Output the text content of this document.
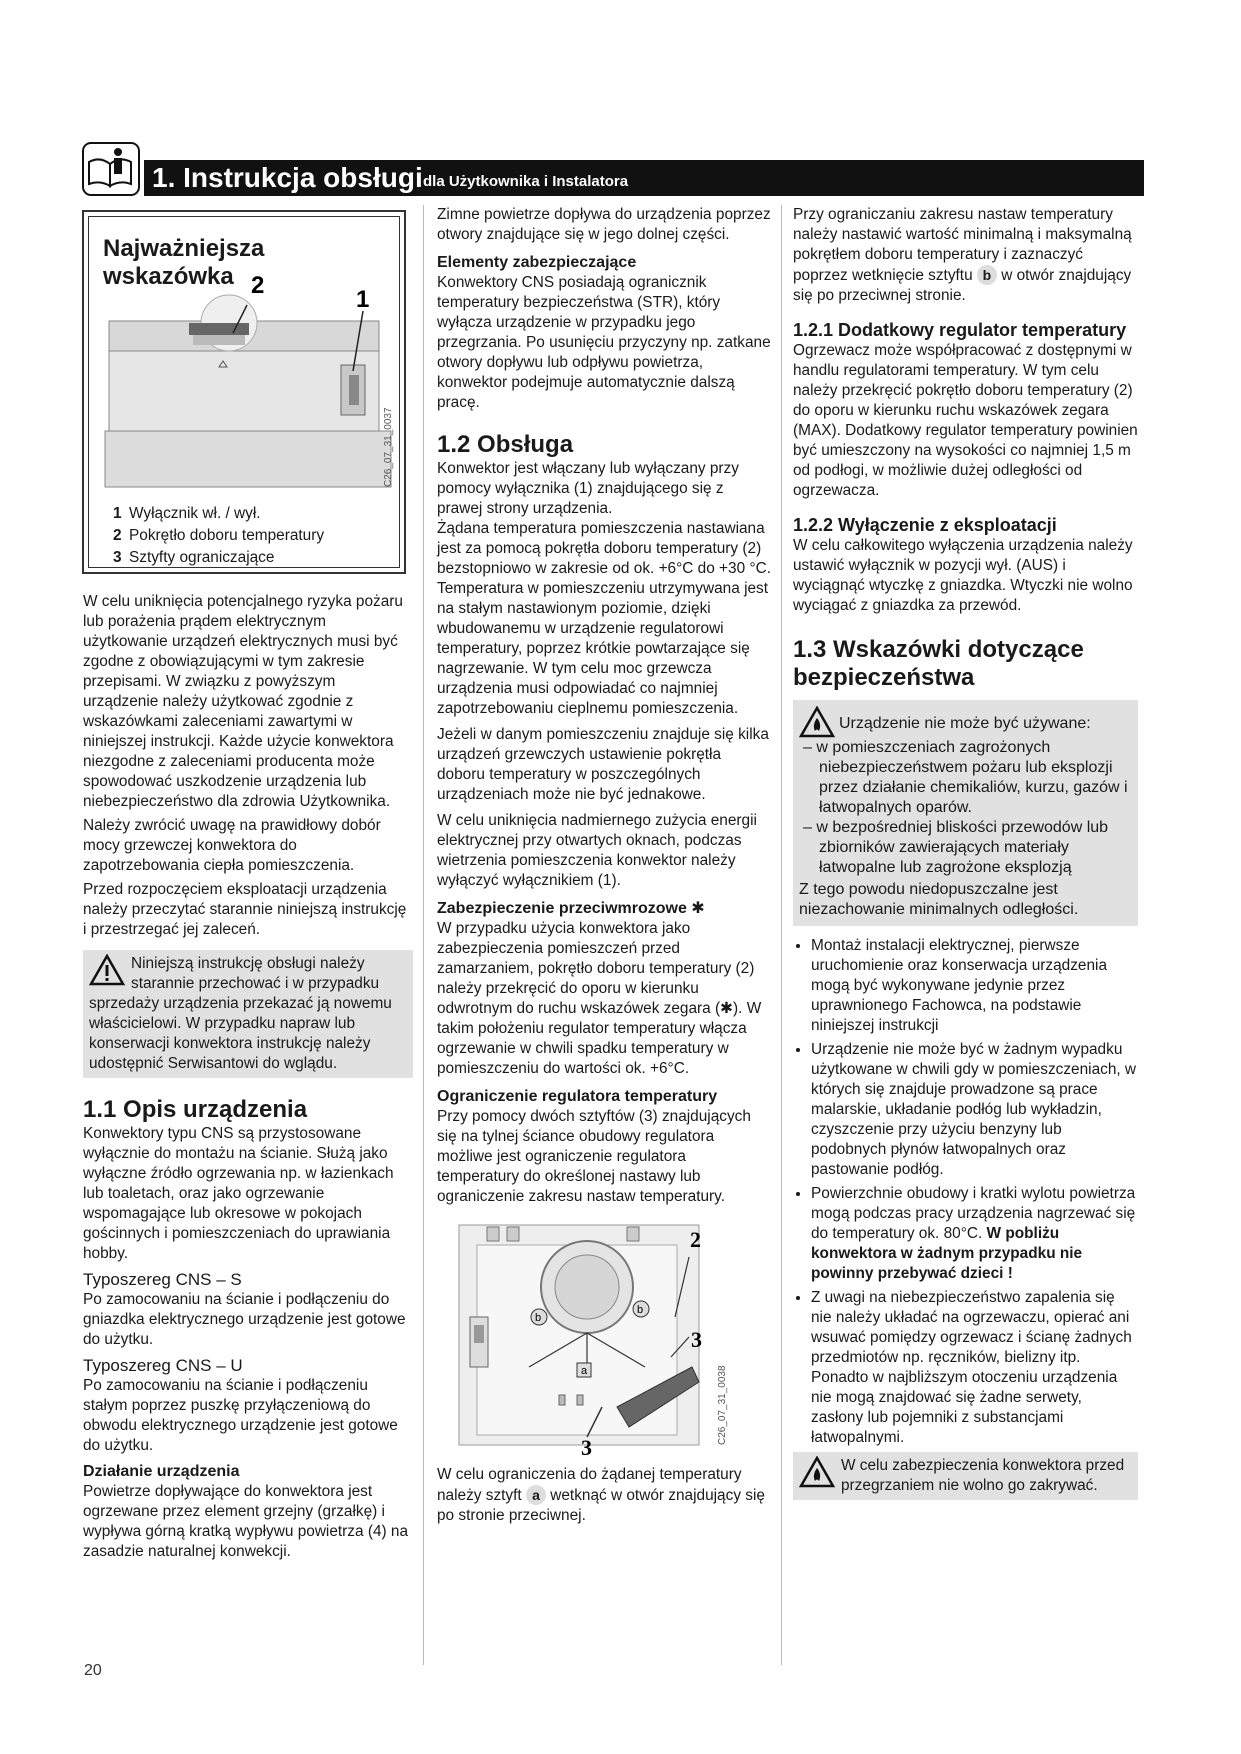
1. Instrukcja obsługi dla Użytkownika i Instalatora
Najważniejsza wskazówka 2
1
C26_07_31_0037
1 Wyłącznik wł. / wył.
2 Pokrętło doboru temperatury
3 Sztyfty ograniczające

W celu uniknięcia potencjalnego ryzyka pożaru lub porażenia prądem elektrycznym użytkowanie urządzeń elektrycznych musi być zgodne z obowiązującymi w tym zakresie przepisami. W związku z powyższym urządzenie należy użytkować zgodnie z wskazówkami zaleceniami zawartymi w niniejszej instrukcji. Każde użycie konwektora niezgodne z zaleceniami producenta może spowodować uszkodzenie urządzenia lub niebezpieczeństwo dla zdrowia Użytkownika.

Należy zwrócić uwagę na prawidłowy dobór mocy grzewczej konwektora do zapotrzebowania ciepła pomieszczenia.

Przed rozpoczęciem eksploatacji urządzenia należy przeczytać starannie niniejszą instrukcję i przestrzegać jej zaleceń.

Niniejszą instrukcję obsługi należy starannie przechować i w przypadku sprzedaży urządzenia przekazać ją nowemu właścicielowi. W przypadku napraw lub konserwacji konwektora instrukcję należy udostępnić Serwisantowi do wglądu.

1.1 Opis urządzenia

Konwektory typu CNS są przystosowane wyłącznie do montażu na ścianie. Służą jako wyłączne źródło ogrzewania np. w łazienkach lub toaletach, oraz jako ogrzewanie wspomagające lub okresowe w pokojach gościnnych i pomieszczeniach do uprawiania hobby.

Typoszereg CNS – S

Po zamocowaniu na ścianie i podłączeniu do gniazdka elektrycznego urządzenie jest gotowe do użytku.

Typoszereg CNS – U

Po zamocowaniu na ścianie i podłączeniu stałym poprzez puszkę przyłączeniową do obwodu elektrycznego urządzenie jest gotowe do użytku.

Działanie urządzenia

Powietrze dopływające do konwektora jest ogrzewane przez element grzejny (grzałkę) i wypływa górną kratką wypływu powietrza (4) na zasadzie naturalnej konwekcji.

Zimne powietrze dopływa do urządzenia poprzez otwory znajdujące się w jego dolnej części.

Elementy zabezpieczające

Konwektory CNS posiadają ogranicznik temperatury bezpieczeństwa (STR), który wyłącza urządzenie w przypadku jego przegrzania. Po usunięciu przyczyny np. zatkane otwory dopływu lub odpływu powietrza, konwektor podejmuje automatycznie dalszą pracę.

1.2 Obsługa

Konwektor jest włączany lub wyłączany przy pomocy wyłącznika (1) znajdującego się z prawej strony urządzenia.

Żądana temperatura pomieszczenia nastawiana jest za pomocą pokrętła doboru temperatury (2) bezstopniowo w zakresie od ok. +6°C do +30 °C. Temperatura w pomieszczeniu utrzymywana jest na stałym nastawionym poziomie, dzięki wbudowanemu w urządzenie regulatorowi temperatury, poprzez krótkie powtarzające się nagrzewanie. W tym celu moc grzewcza urządzenia musi odpowiadać co najmniej zapotrzebowaniu cieplnemu pomieszczenia.

Jeżeli w danym pomieszczeniu znajduje się kilka urządzeń grzewczych ustawienie pokrętła doboru temperatury w poszczególnych urządzeniach może nie być jednakowe.

W celu uniknięcia nadmiernego zużycia energii elektrycznej przy otwartych oknach, podczas wietrzenia pomieszczenia konwektor należy wyłączyć wyłącznikiem (1).

Zabezpieczenie przeciwmrozowe ✱

W przypadku użycia konwektora jako zabezpieczenia pomieszczeń przed zamarzaniem, pokrętło doboru temperatury (2) należy przekręcić do oporu w kierunku odwrotnym do ruchu wskazówek zegara (✱). W takim położeniu regulator temperatury włącza ogrzewanie w chwili spadku temperatury w pomieszczeniu do wartości ok. +6°C.

Ograniczenie regulatora temperatury

Przy pomocy dwóch sztyftów (3) znajdujących się na tylnej ściance obudowy regulatora możliwe jest ograniczenie regulatora temperatury do określonej nastawy lub ograniczenie zakresu nastaw temperatury.

2
3
3
b
b
a	C26_07_31_0038

W celu ograniczenia do żądanej temperatury należy sztyft a wetknąć w otwór znajdujący się po stronie przeciwnej.

Przy ograniczaniu zakresu nastaw temperatury należy nastawić wartość minimalną i maksymalną pokrętłem doboru temperatury i zaznaczyć poprzez wetknięcie sztyftu b w otwór znajdujący się po przeciwnej stronie.

1.2.1 Dodatkowy regulator temperatury

Ogrzewacz może współpracować z dostępnymi w handlu regulatorami temperatury. W tym celu należy przekręcić pokrętło doboru temperatury (2) do oporu w kierunku ruchu wskazówek zegara (MAX). Dodatkowy regulator temperatury powinien być umieszczony na wysokości co najmniej 1,5 m od podłogi, w możliwie dużej odległości od ogrzewacza.

1.2.2 Wyłączenie z eksploatacji

W celu całkowitego wyłączenia urządzenia należy ustawić wyłącznik w pozycji wył. (AUS) i wyciągnąć wtyczkę z gniazdka. Wtyczki nie wolno wyciągać z gniazdka za przewód.

1.3 Wskazówki dotyczące bezpieczeństwa

Urządzenie nie może być używane:

– w pomieszczeniach zagrożonych niebezpieczeństwem pożaru lub eksplozji przez działanie chemikaliów, kurzu, gazów i łatwopalnych oparów.
– w bezpośredniej bliskości przewodów lub zbiorników zawierających materiały łatwopalne lub zagrożone eksplozją

Z tego powodu niedopuszczalne jest niezachowanie minimalnych odległości.

• Montaż instalacji elektrycznej, pierwsze uruchomienie oraz konserwacja urządzenia mogą być wykonywane jedynie przez uprawnionego Fachowca, na podstawie niniejszej instrukcji
• Urządzenie nie może być w żadnym wypadku użytkowane w chwili gdy w pomieszczeniach, w których się znajduje prowadzone są prace malarskie, układanie podłóg lub wykładzin, czyszczenie przy użyciu benzyny lub podobnych płynów łatwopalnych oraz pastowanie podłóg.
• Powierzchnie obudowy i kratki wylotu powietrza mogą podczas pracy urządzenia nagrzewać się do temperatury ok. 80°C. W pobliżu konwektora w żadnym przypadku nie powinny przebywać dzieci !
• Z uwagi na niebezpieczeństwo zapalenia się nie należy układać na ogrzewaczu, opierać ani wsuwać pomiędzy ogrzewacz i ścianę żadnych przedmiotów np. ręczników, bielizny itp. Ponadto w najbliższym otoczeniu urządzenia nie mogą znajdować się żadne serwety, zasłony lub pojemniki z substancjami łatwopalnymi.

W celu zabezpieczenia konwektora przed przegrzaniem nie wolno go zakrywać.

20
